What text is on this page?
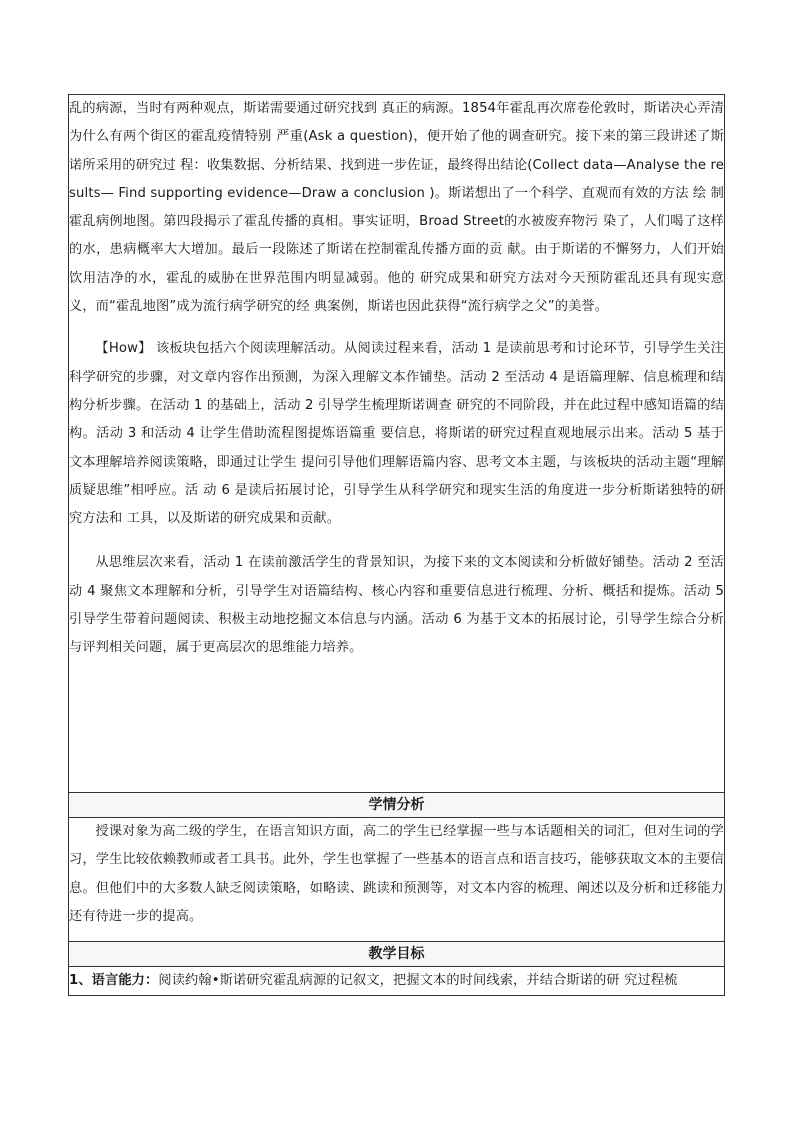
乱的病源，当时有两种观点，斯诺需要通过研究找到 真正的病源。1854年霍乱再次席卷伦敦时，斯诺决心弄清为什么有两个街区的霍乱疫情特别 严重(Ask a question)，便开始了他的调查研究。接下来的第三段讲述了斯诺所采用的研究过 程：收集数据、分析结果、找到进一步佐证，最终得出结论(Collect data—Analyse the results— Find supporting evidence—Draw a conclusion )。斯诺想出了一个科学、直观而有效的方法 绘 制霍乱病例地图。第四段揭示了霍乱传播的真相。事实证明，Broad Street的水被废弃物污 染了，人们喝了这样的水，患病概率大大增加。最后一段陈述了斯诺在控制霍乱传播方面的贡 献。由于斯诺的不懈努力，人们开始饮用洁净的水，霍乱的威胁在世界范围内明显减弱。他的 研究成果和研究方法对今天预防霍乱还具有现实意义，而“霍乱地图”成为流行病学研究的经 典案例，斯诺也因此获得“流行病学之父”的美誉。

【How】 该板块包括六个阅读理解活动。从阅读过程来看，活动 1 是读前思考和讨论环节，引导学生关注科学研究的步骤，对文章内容作出预测，为深入理解文本作铺垫。活动 2 至活动 4 是语篇理解、信息梳理和结构分析步骤。在活动 1 的基础上，活动 2 引导学生梳理斯诺调查 研究的不同阶段，并在此过程中感知语篇的结构。活动 3 和活动 4 让学生借助流程图提炼语篇重 要信息，将斯诺的研究过程直观地展示出来。活动 5 基于文本理解培养阅读策略，即通过让学生 提问引导他们理解语篇内容、思考文本主题，与该板块的活动主题“理解质疑思维”相呼应。活 动 6 是读后拓展讨论，引导学生从科学研究和现实生活的角度进一步分析斯诺独特的研究方法和 工具，以及斯诺的研究成果和贡献。

从思维层次来看，活动 1 在读前激活学生的背景知识，为接下来的文本阅读和分析做好铺垫。活动 2 至活动 4 聚焦文本理解和分析，引导学生对语篇结构、核心内容和重要信息进行梳理、分析、概括和提炼。活动 5 引导学生带着问题阅读、积极主动地挖掘文本信息与内涵。活动 6 为基于文本的拓展讨论，引导学生综合分析与评判相关问题，属于更高层次的思维能力培养。

学情分析

授课对象为高二级的学生，在语言知识方面，高二的学生已经掌握一些与本话题相关的词汇，但对生词的学习，学生比较依赖教师或者工具书。此外，学生也掌握了一些基本的语言点和语言技巧，能够获取文本的主要信息。但他们中的大多数人缺乏阅读策略，如略读、跳读和预测等，对文本内容的梳理、阐述以及分析和迁移能力还有待进一步的提高。

教学目标

1、语言能力：阅读约翰•斯诺研究霍乱病源的记叙文，把握文本的时间线索，并结合斯诺的研 究过程梳
